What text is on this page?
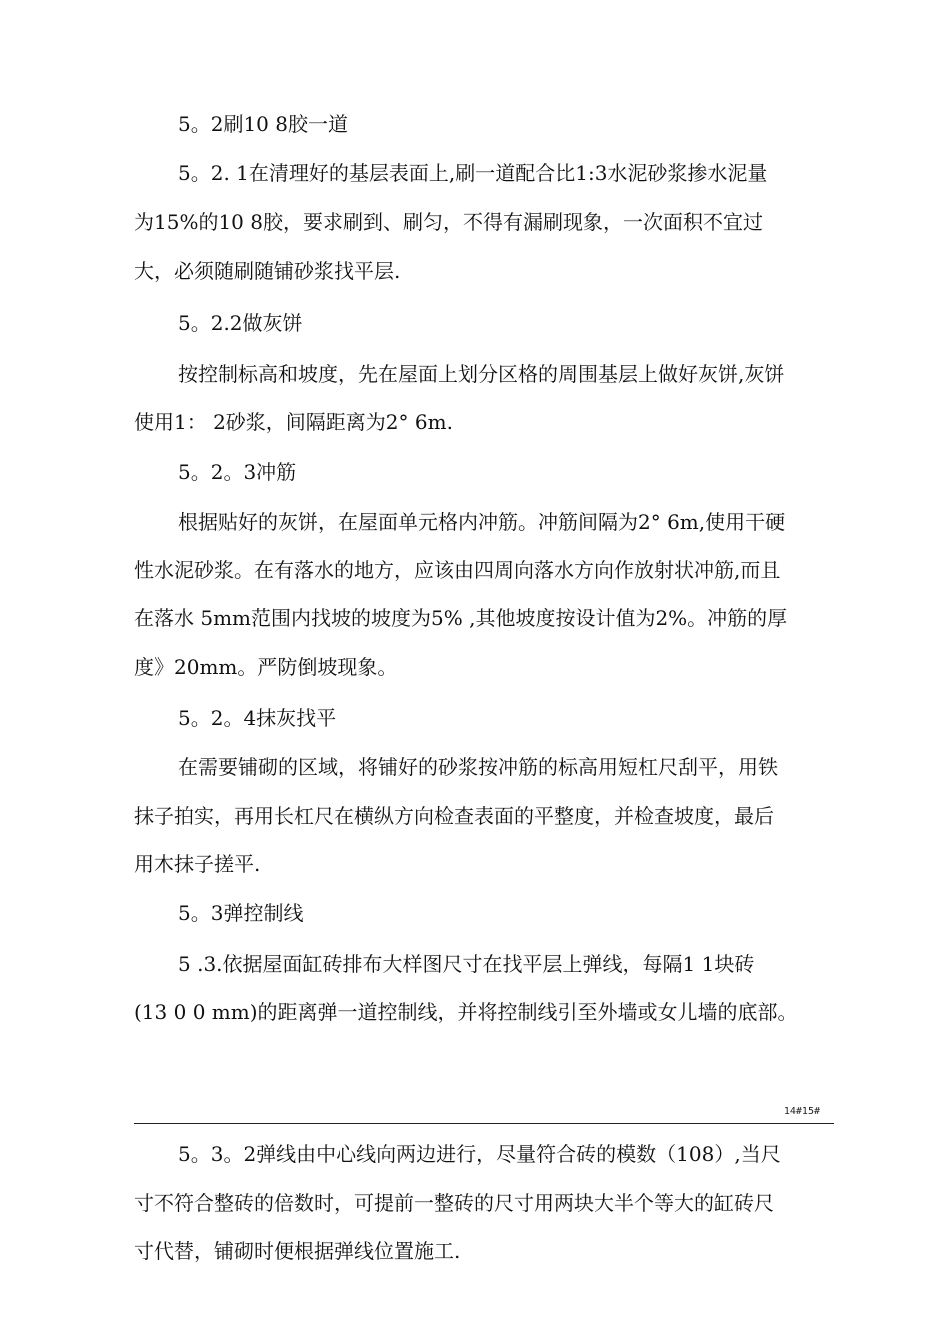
5。2刷10 8胶一道
5。2. 1在清理好的基层表面上,刷一道配合比1:3水泥砂浆掺水泥量
为15%的10 8胶，要求刷到、刷匀，不得有漏刷现象，一次面积不宜过
大，必须随刷随铺砂浆找平层.
5。2.2做灰饼
按控制标高和坡度，先在屋面上划分区格的周围基层上做好灰饼,灰饼
使用1： 2砂浆，间隔距离为2° 6m.
5。2。3冲筋
根据贴好的灰饼，在屋面单元格内冲筋。冲筋间隔为2° 6m,使用干硬
性水泥砂浆。在有落水的地方，应该由四周向落水方向作放射状冲筋,而且
在落水 5mm范围内找坡的坡度为5% ,其他坡度按设计值为2%。冲筋的厚
度》20mm。严防倒坡现象。
5。2。4抹灰找平
在需要铺砌的区域，将铺好的砂浆按冲筋的标高用短杠尺刮平，用铁
抹子拍实，再用长杠尺在横纵方向检查表面的平整度，并检查坡度，最后
用木抹子搓平.
5。3弹控制线
5 .3.依据屋面缸砖排布大样图尺寸在找平层上弹线，每隔1 1块砖
(13 0 0 mm)的距离弹一道控制线，并将控制线引至外墙或女儿墙的底部。
14#15#
5。3。2弹线由中心线向两边进行，尽量符合砖的模数（108）,当尺
寸不符合整砖的倍数时，可提前一整砖的尺寸用两块大半个等大的缸砖尺
寸代替，铺砌时便根据弹线位置施工.
